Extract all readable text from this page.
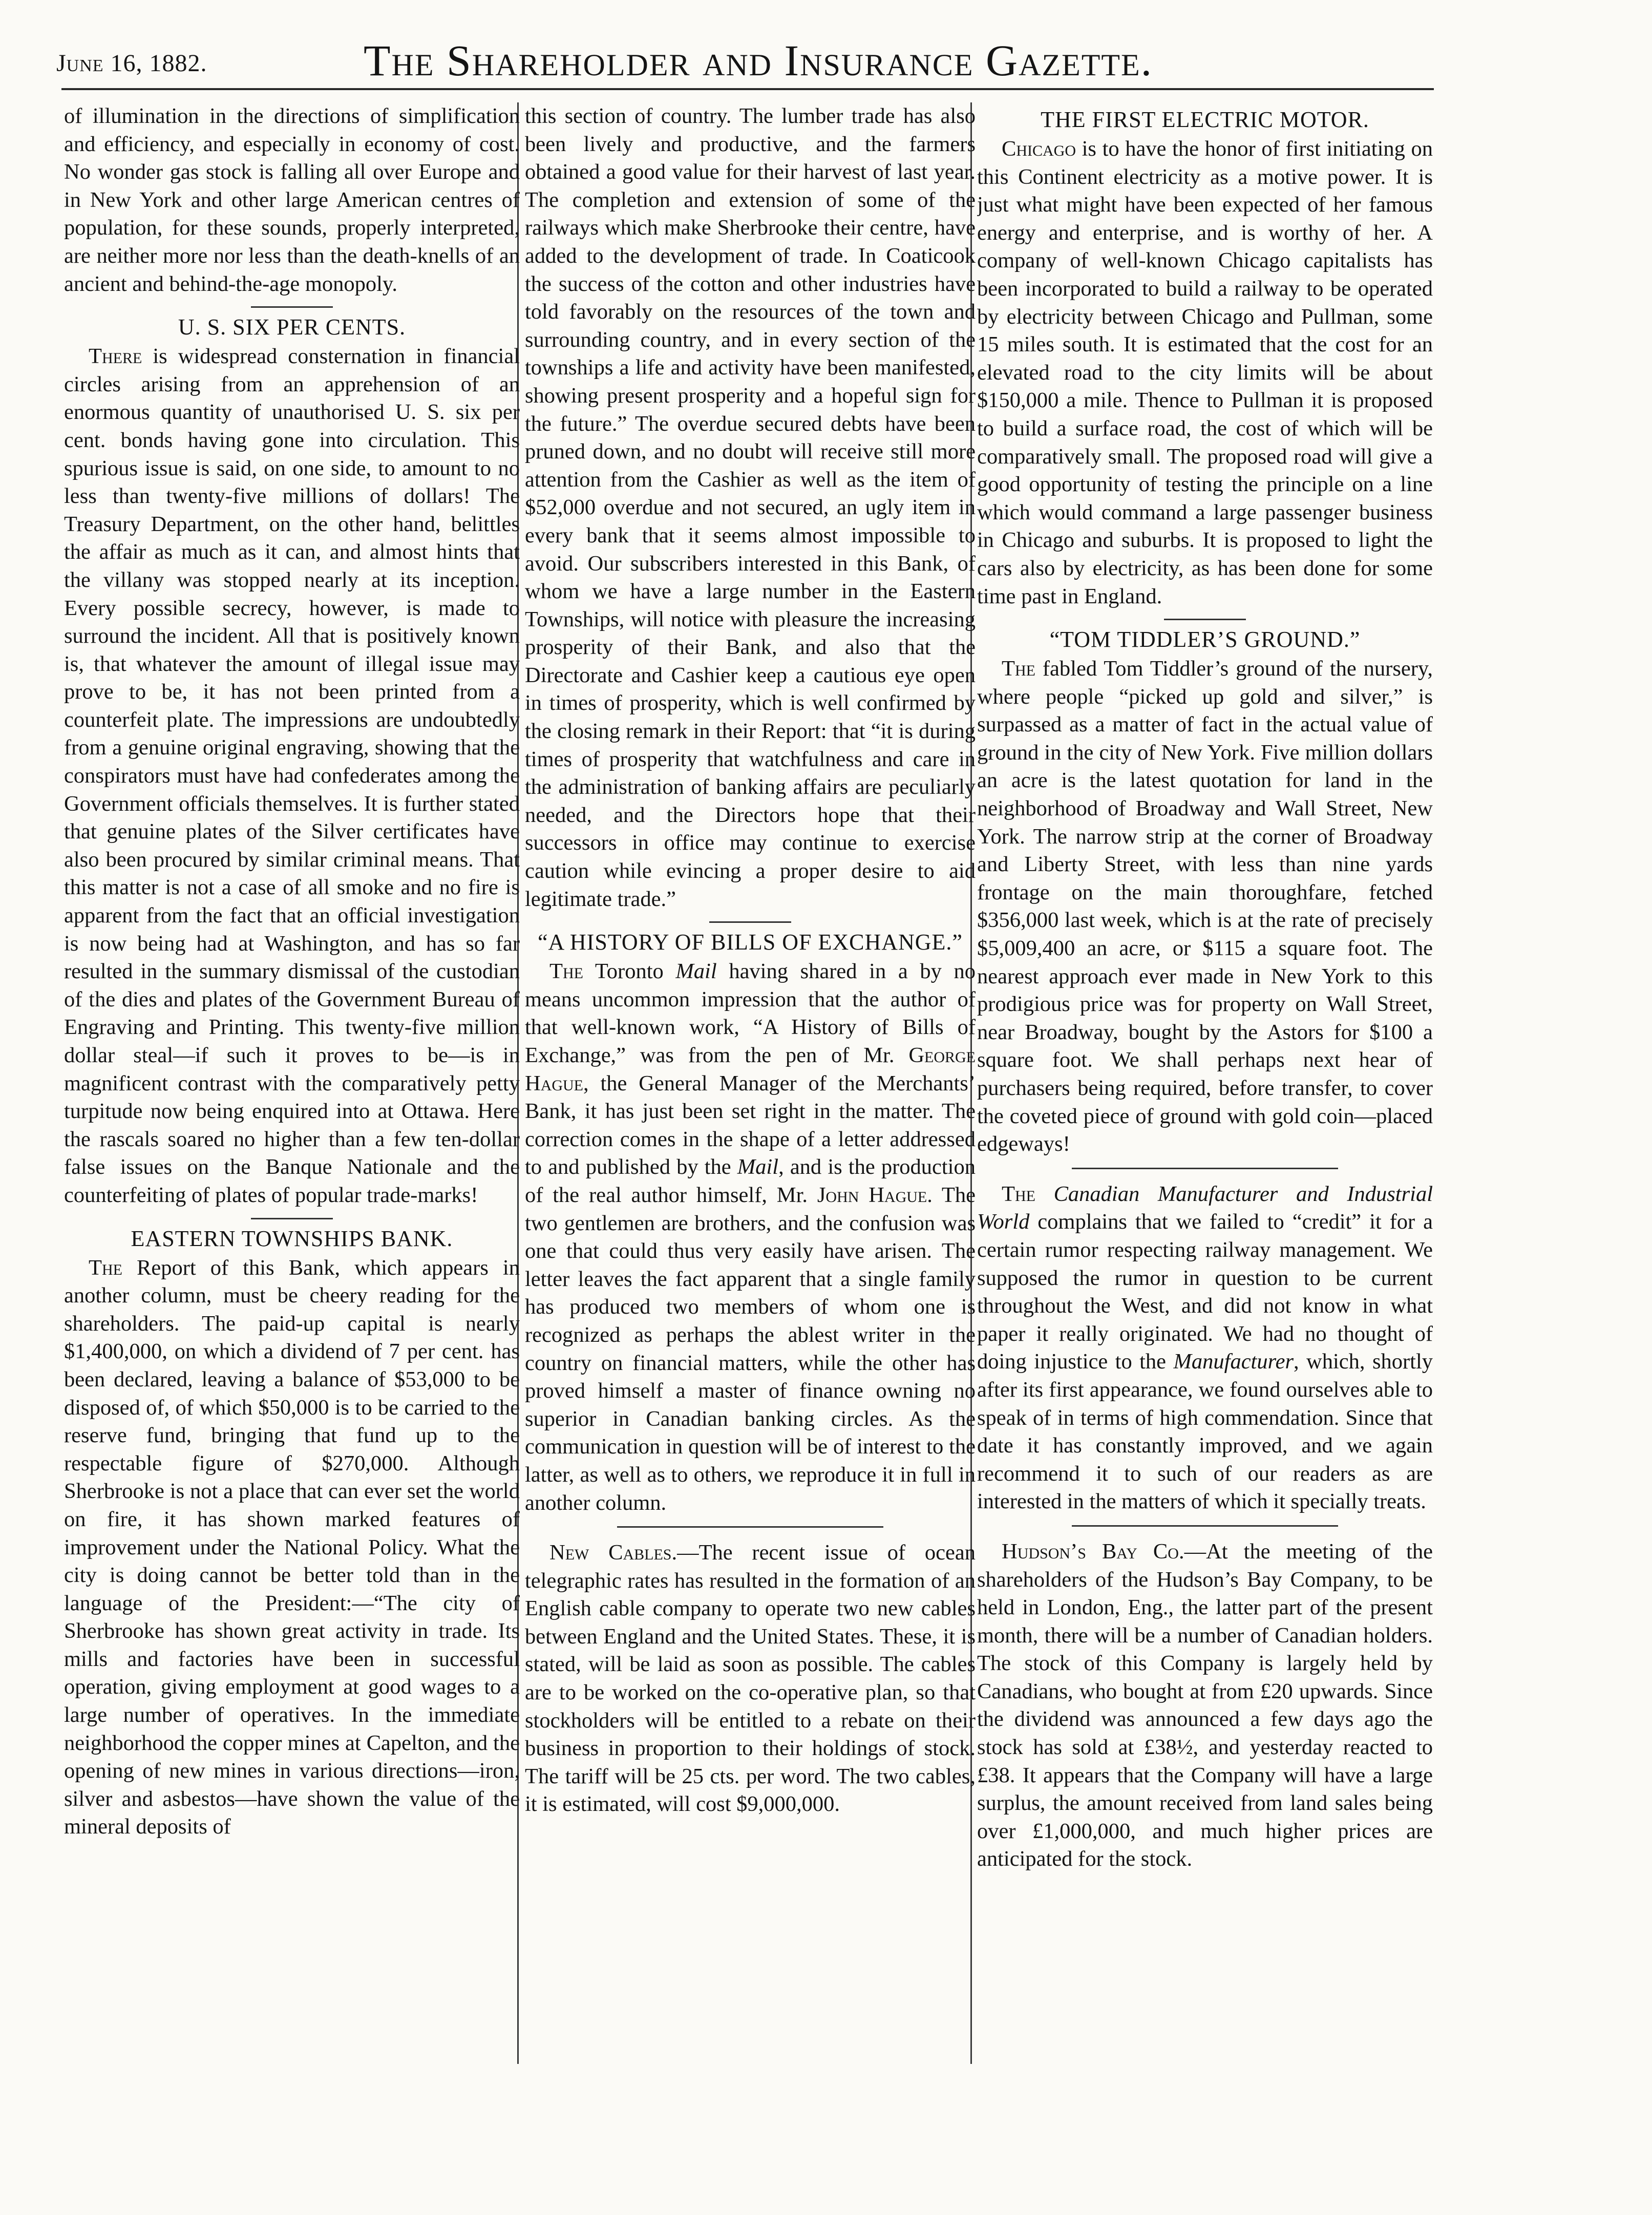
June 16, 1882.	The Shareholder and Insurance Gazette.

of illumination in the directions of simplification and efficiency, and especially in economy of cost. No wonder gas stock is falling all over Europe and in New York and other large American centres of population, for these sounds, properly interpreted, are neither more nor less than the death-knells of an ancient and behind-the-age monopoly.

U. S. SIX PER CENTS.

There is widespread consternation in financial circles arising from an apprehension of an enormous quantity of unauthorised U. S. six per cent. bonds having gone into circulation. This spurious issue is said, on one side, to amount to no less than twenty-five millions of dollars! The Treasury Department, on the other hand, belittles the affair as much as it can, and almost hints that the villany was stopped nearly at its inception. Every possible secrecy, however, is made to surround the incident. All that is positively known is, that whatever the amount of illegal issue may prove to be, it has not been printed from a counterfeit plate. The impressions are undoubtedly from a genuine original engraving, showing that the conspirators must have had confederates among the Government officials themselves. It is further stated that genuine plates of the Silver certificates have also been procured by similar criminal means. That this matter is not a case of all smoke and no fire is apparent from the fact that an official investigation is now being had at Washington, and has so far resulted in the summary dismissal of the custodian of the dies and plates of the Government Bureau of Engraving and Printing. This twenty-five million dollar steal—if such it proves to be—is in magnificent contrast with the comparatively petty turpitude now being enquired into at Ottawa. Here the rascals soared no higher than a few ten-dollar false issues on the Banque Nationale and the counterfeiting of plates of popular trade-marks!

EASTERN TOWNSHIPS BANK.

The Report of this Bank, which appears in another column, must be cheery reading for the shareholders. The paid-up capital is nearly $1,400,000, on which a dividend of 7 per cent. has been declared, leaving a balance of $53,000 to be disposed of, of which $50,000 is to be carried to the reserve fund, bringing that fund up to the respectable figure of $270,000. Although Sherbrooke is not a place that can ever set the world on fire, it has shown marked features of improvement under the National Policy. What the city is doing cannot be better told than in the language of the President:—“The city of Sherbrooke has shown great activity in trade. Its mills and factories have been in successful operation, giving employment at good wages to a large number of operatives. In the immediate neighborhood the copper mines at Capelton, and the opening of new mines in various directions—iron, silver and asbestos—have shown the value of the mineral deposits of

this section of country. The lumber trade has also been lively and productive, and the farmers obtained a good value for their harvest of last year. The completion and extension of some of the railways which make Sherbrooke their centre, have added to the development of trade. In Coaticook the success of the cotton and other industries have told favorably on the resources of the town and surrounding country, and in every section of the townships a life and activity have been manifested, showing present prosperity and a hopeful sign for the future.” The overdue secured debts have been pruned down, and no doubt will receive still more attention from the Cashier as well as the item of $52,000 overdue and not secured, an ugly item in every bank that it seems almost impossible to avoid. Our subscribers interested in this Bank, of whom we have a large number in the Eastern Townships, will notice with pleasure the increasing prosperity of their Bank, and also that the Directorate and Cashier keep a cautious eye open in times of prosperity, which is well confirmed by the closing remark in their Report: that “it is during times of prosperity that watchfulness and care in the administration of banking affairs are peculiarly needed, and the Directors hope that their successors in office may continue to exercise caution while evincing a proper desire to aid legitimate trade.”

“A HISTORY OF BILLS OF EXCHANGE.”

The Toronto Mail having shared in a by no means uncommon impression that the author of that well-known work, “A History of Bills of Exchange,” was from the pen of Mr. George Hague, the General Manager of the Merchants’ Bank, it has just been set right in the matter. The correction comes in the shape of a letter addressed to and published by the Mail, and is the production of the real author himself, Mr. John Hague. The two gentlemen are brothers, and the confusion was one that could thus very easily have arisen. The letter leaves the fact apparent that a single family has produced two members of whom one is recognized as perhaps the ablest writer in the country on financial matters, while the other has proved himself a master of finance owning no superior in Canadian banking circles. As the communication in question will be of interest to the latter, as well as to others, we reproduce it in full in another column.

New Cables.—The recent issue of ocean telegraphic rates has resulted in the formation of an English cable company to operate two new cables between England and the United States. These, it is stated, will be laid as soon as possible. The cables are to be worked on the co-operative plan, so that stockholders will be entitled to a rebate on their business in proportion to their holdings of stock. The tariff will be 25 cts. per word. The two cables, it is estimated, will cost $9,000,000.

THE FIRST ELECTRIC MOTOR.

Chicago is to have the honor of first initiating on this Continent electricity as a motive power. It is just what might have been expected of her famous energy and enterprise, and is worthy of her. A company of well-known Chicago capitalists has been incorporated to build a railway to be operated by electricity between Chicago and Pullman, some 15 miles south. It is estimated that the cost for an elevated road to the city limits will be about $150,000 a mile. Thence to Pullman it is proposed to build a surface road, the cost of which will be comparatively small. The proposed road will give a good opportunity of testing the principle on a line which would command a large passenger business in Chicago and suburbs. It is proposed to light the cars also by electricity, as has been done for some time past in England.

“TOM TIDDLER’S GROUND.”

The fabled Tom Tiddler’s ground of the nursery, where people “picked up gold and silver,” is surpassed as a matter of fact in the actual value of ground in the city of New York. Five million dollars an acre is the latest quotation for land in the neighborhood of Broadway and Wall Street, New York. The narrow strip at the corner of Broadway and Liberty Street, with less than nine yards frontage on the main thoroughfare, fetched $356,000 last week, which is at the rate of precisely $5,009,400 an acre, or $115 a square foot. The nearest approach ever made in New York to this prodigious price was for property on Wall Street, near Broadway, bought by the Astors for $100 a square foot. We shall perhaps next hear of purchasers being required, before transfer, to cover the coveted piece of ground with gold coin—placed edgeways!

The Canadian Manufacturer and Industrial World complains that we failed to “credit” it for a certain rumor respecting railway management. We supposed the rumor in question to be current throughout the West, and did not know in what paper it really originated. We had no thought of doing injustice to the Manufacturer, which, shortly after its first appearance, we found ourselves able to speak of in terms of high commendation. Since that date it has constantly improved, and we again recommend it to such of our readers as are interested in the matters of which it specially treats.

Hudson’s Bay Co.—At the meeting of the shareholders of the Hudson’s Bay Company, to be held in London, Eng., the latter part of the present month, there will be a number of Canadian holders. The stock of this Company is largely held by Canadians, who bought at from £20 upwards. Since the dividend was announced a few days ago the stock has sold at £38½, and yesterday reacted to £38. It appears that the Company will have a large surplus, the amount received from land sales being over £1,000,000, and much higher prices are anticipated for the stock.
